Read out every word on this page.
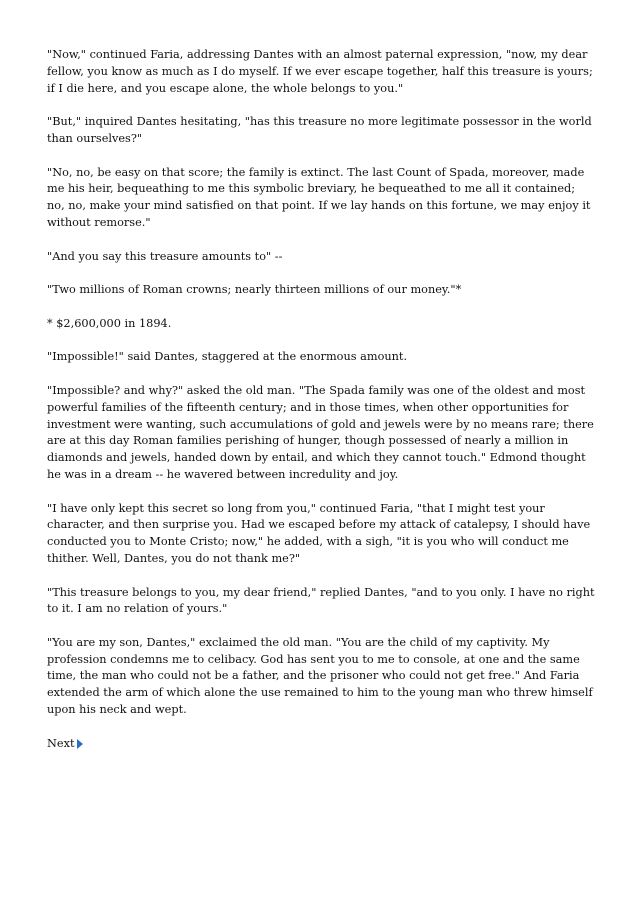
"Now," continued Faria, addressing Dantes with an almost paternal expression, "now, my dear fellow, you know as much as I do myself. If we ever escape together, half this treasure is yours; if I die here, and you escape alone, the whole belongs to you."

"But," inquired Dantes hesitating, "has this treasure no more legitimate possessor in the world than ourselves?"

"No, no, be easy on that score; the family is extinct. The last Count of Spada, moreover, made me his heir, bequeathing to me this symbolic breviary, he bequeathed to me all it contained; no, no, make your mind satisfied on that point. If we lay hands on this fortune, we may enjoy it without remorse."

"And you say this treasure amounts to" --

"Two millions of Roman crowns; nearly thirteen millions of our money."*

* $2,600,000 in 1894.

"Impossible!" said Dantes, staggered at the enormous amount.

"Impossible? and why?" asked the old man. "The Spada family was one of the oldest and most powerful families of the fifteenth century; and in those times, when other opportunities for investment were wanting, such accumulations of gold and jewels were by no means rare; there are at this day Roman families perishing of hunger, though possessed of nearly a million in diamonds and jewels, handed down by entail, and which they cannot touch." Edmond thought he was in a dream -- he wavered between incredulity and joy.

"I have only kept this secret so long from you," continued Faria, "that I might test your character, and then surprise you. Had we escaped before my attack of catalepsy, I should have conducted you to Monte Cristo; now," he added, with a sigh, "it is you who will conduct me thither. Well, Dantes, you do not thank me?"

"This treasure belongs to you, my dear friend," replied Dantes, "and to you only. I have no right to it. I am no relation of yours."

"You are my son, Dantes," exclaimed the old man. "You are the child of my captivity. My profession condemns me to celibacy. God has sent you to me to console, at one and the same time, the man who could not be a father, and the prisoner who could not get free." And Faria extended the arm of which alone the use remained to him to the young man who threw himself upon his neck and wept.

Next
